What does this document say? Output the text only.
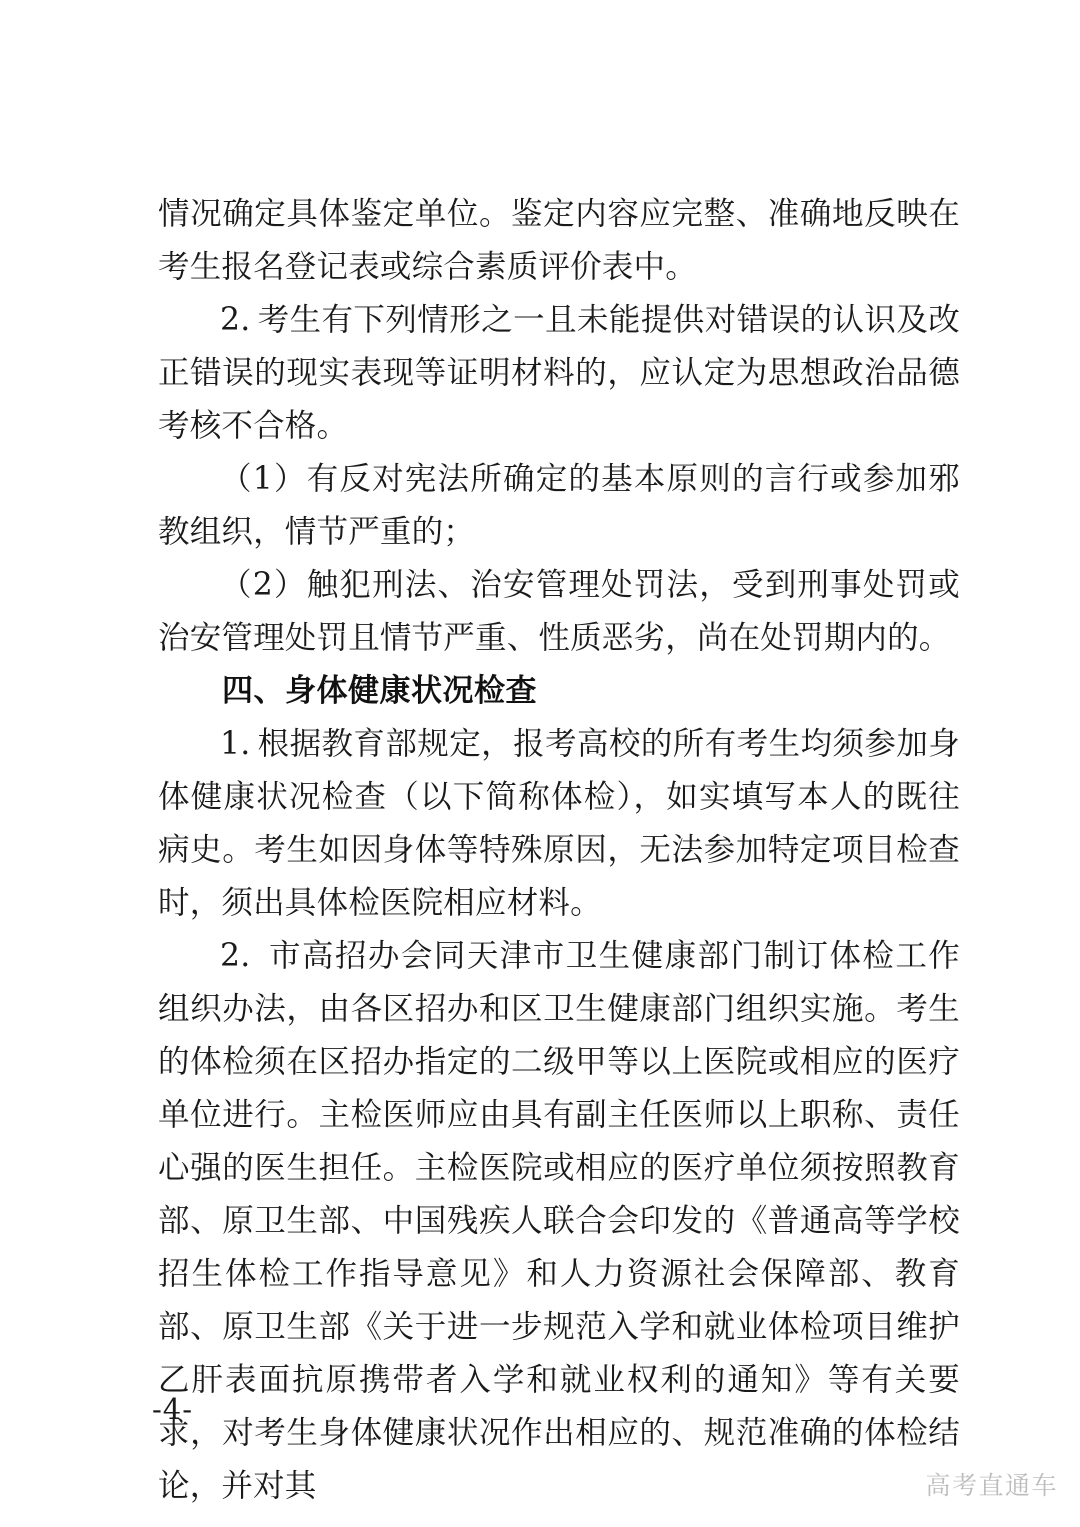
情况确定具体鉴定单位。鉴定内容应完整、准确地反映在考生报名登记表或综合素质评价表中。

2. 考生有下列情形之一且未能提供对错误的认识及改正错误的现实表现等证明材料的，应认定为思想政治品德考核不合格。

（1）有反对宪法所确定的基本原则的言行或参加邪教组织，情节严重的；

（2）触犯刑法、治安管理处罚法，受到刑事处罚或治安管理处罚且情节严重、性质恶劣，尚在处罚期内的。

四、身体健康状况检查

1. 根据教育部规定，报考高校的所有考生均须参加身体健康状况检查（以下简称体检），如实填写本人的既往病史。考生如因身体等特殊原因，无法参加特定项目检查时，须出具体检医院相应材料。

2. 市高招办会同天津市卫生健康部门制订体检工作组织办法，由各区招办和区卫生健康部门组织实施。考生的体检须在区招办指定的二级甲等以上医院或相应的医疗单位进行。主检医师应由具有副主任医师以上职称、责任心强的医生担任。主检医院或相应的医疗单位须按照教育部、原卫生部、中国残疾人联合会印发的《普通高等学校招生体检工作指导意见》和人力资源社会保障部、教育部、原卫生部《关于进一步规范入学和就业体检项目维护乙肝表面抗原携带者入学和就业权利的通知》等有关要求，对考生身体健康状况作出相应的、规范准确的体检结论，并对其

-4-
高考直通车
